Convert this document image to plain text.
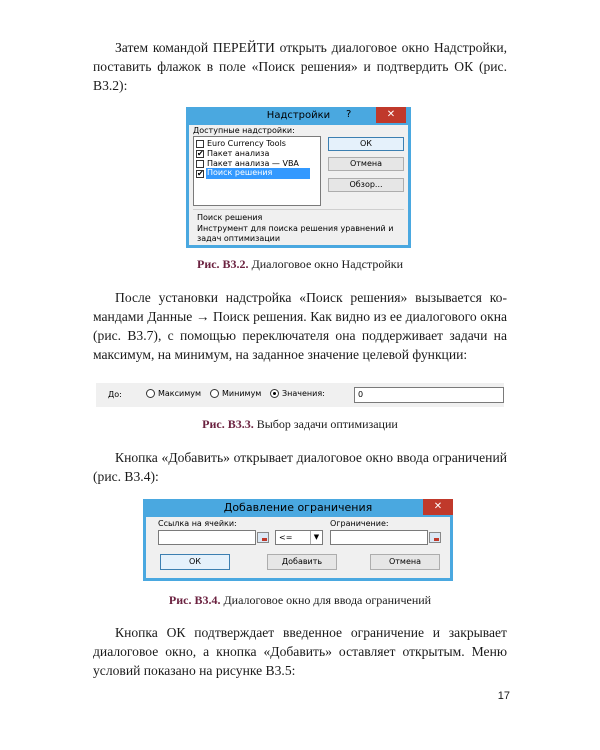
Затем командой ПЕРЕЙТИ открыть диалоговое окно Надстройки, поставить флажок в поле «Поиск решения» и подтвердить ОК (рис. В3.2):

Надстройки	?	✕
Доступные надстройки:
Euro Currency Tools
✔ Пакет анализа
Пакет анализа — VBA
✔ Поиск решения
ОК
Отмена
Обзор...
Поиск решения
Инструмент для поиска решения уравнений и задач оптимизации
Рис. В3.2. Диалоговое окно Надстройки

После установки надстройка «Поиск решения» вызывается командами Данные → Поиск решения. Как видно из ее диалогового окна (рис. В3.7), с помощью переключателя она поддерживает задачи на максимум, на минимум, на заданное значение целевой функции:

До:	Максимум	Минимум	Значения:	0
Рис. В3.3. Выбор задачи оптимизации

Кнопка «Добавить» открывает диалоговое окно ввода ограничений (рис. В3.4):

Добавление ограничения	✕
Ссылка на ячейки:	Ограничение:
<=	▼
ОК	Добавить	Отмена
Рис. В3.4. Диалоговое окно для ввода ограничений

Кнопка ОК подтверждает введенное ограничение и закрывает диалоговое окно, а кнопка «Добавить» оставляет открытым. Меню условий показано на рисунке В3.5:

17
